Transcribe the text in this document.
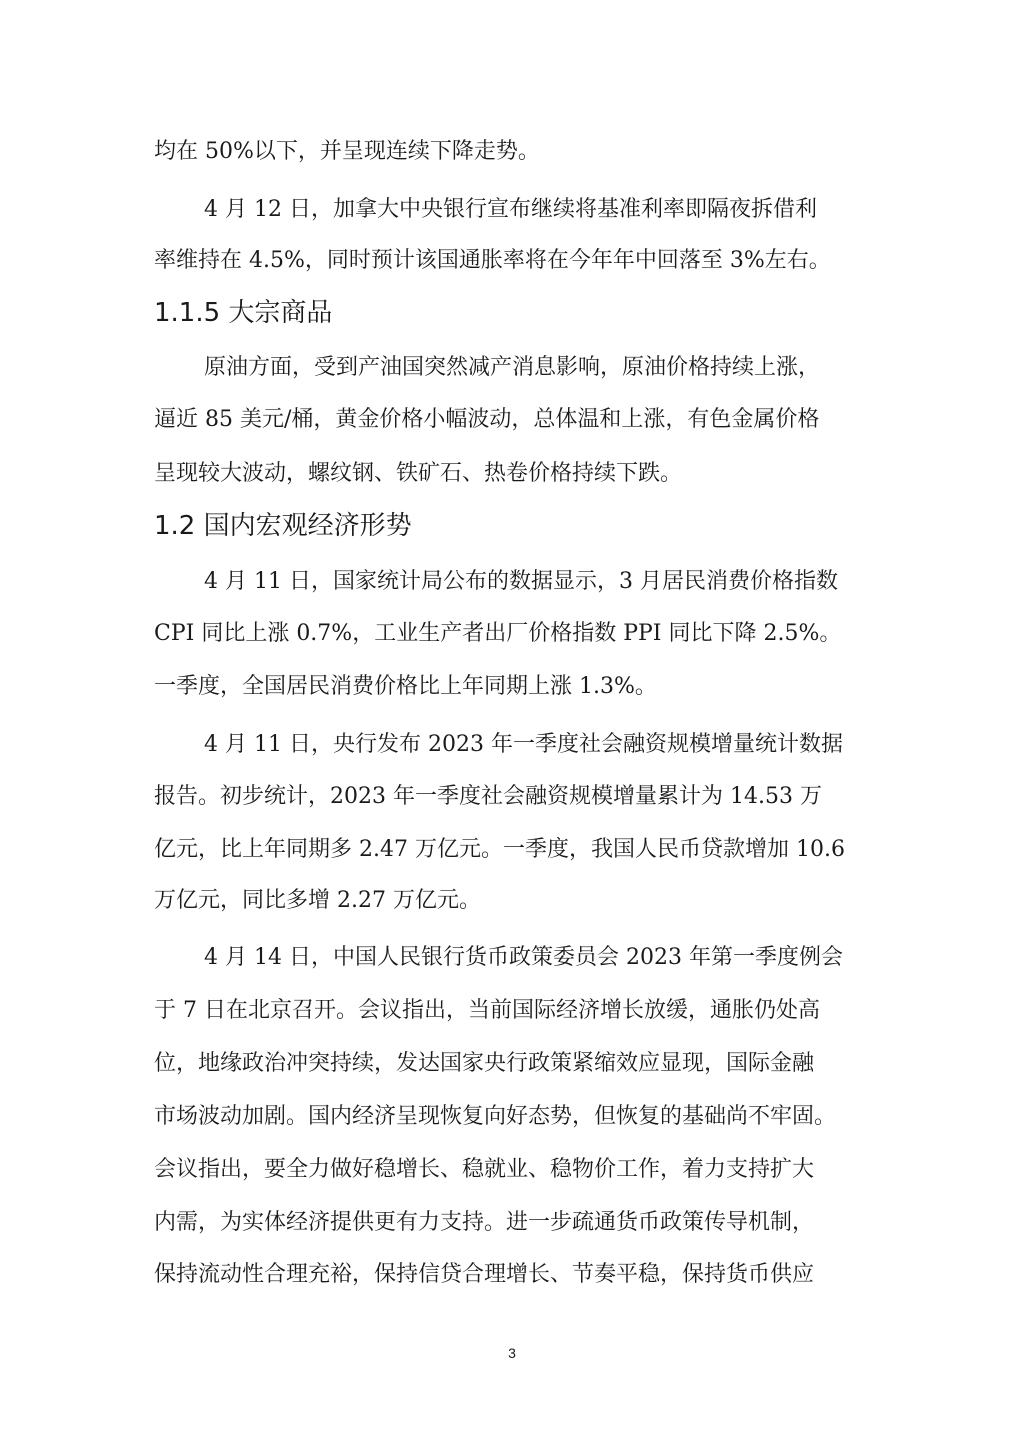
均在 50%以下，并呈现连续下降走势。
4 月 12 日，加拿大中央银行宣布继续将基准利率即隔夜拆借利
率维持在 4.5%，同时预计该国通胀率将在今年年中回落至 3%左右。
1.1.5 大宗商品
原油方面，受到产油国突然减产消息影响，原油价格持续上涨，
逼近 85 美元/桶，黄金价格小幅波动，总体温和上涨，有色金属价格
呈现较大波动，螺纹钢、铁矿石、热卷价格持续下跌。
1.2 国内宏观经济形势
4 月 11 日，国家统计局公布的数据显示，3 月居民消费价格指数
CPI 同比上涨 0.7%，工业生产者出厂价格指数 PPI 同比下降 2.5%。
一季度，全国居民消费价格比上年同期上涨 1.3%。
4 月 11 日，央行发布 2023 年一季度社会融资规模增量统计数据
报告。初步统计，2023 年一季度社会融资规模增量累计为 14.53 万
亿元，比上年同期多 2.47 万亿元。一季度，我国人民币贷款增加 10.6
万亿元，同比多增 2.27 万亿元。
4 月 14 日，中国人民银行货币政策委员会 2023 年第一季度例会
于 7 日在北京召开。会议指出，当前国际经济增长放缓，通胀仍处高
位，地缘政治冲突持续，发达国家央行政策紧缩效应显现，国际金融
市场波动加剧。国内经济呈现恢复向好态势，但恢复的基础尚不牢固。
会议指出，要全力做好稳增长、稳就业、稳物价工作，着力支持扩大
内需，为实体经济提供更有力支持。进一步疏通货币政策传导机制，
保持流动性合理充裕，保持信贷合理增长、节奏平稳，保持货币供应
3
